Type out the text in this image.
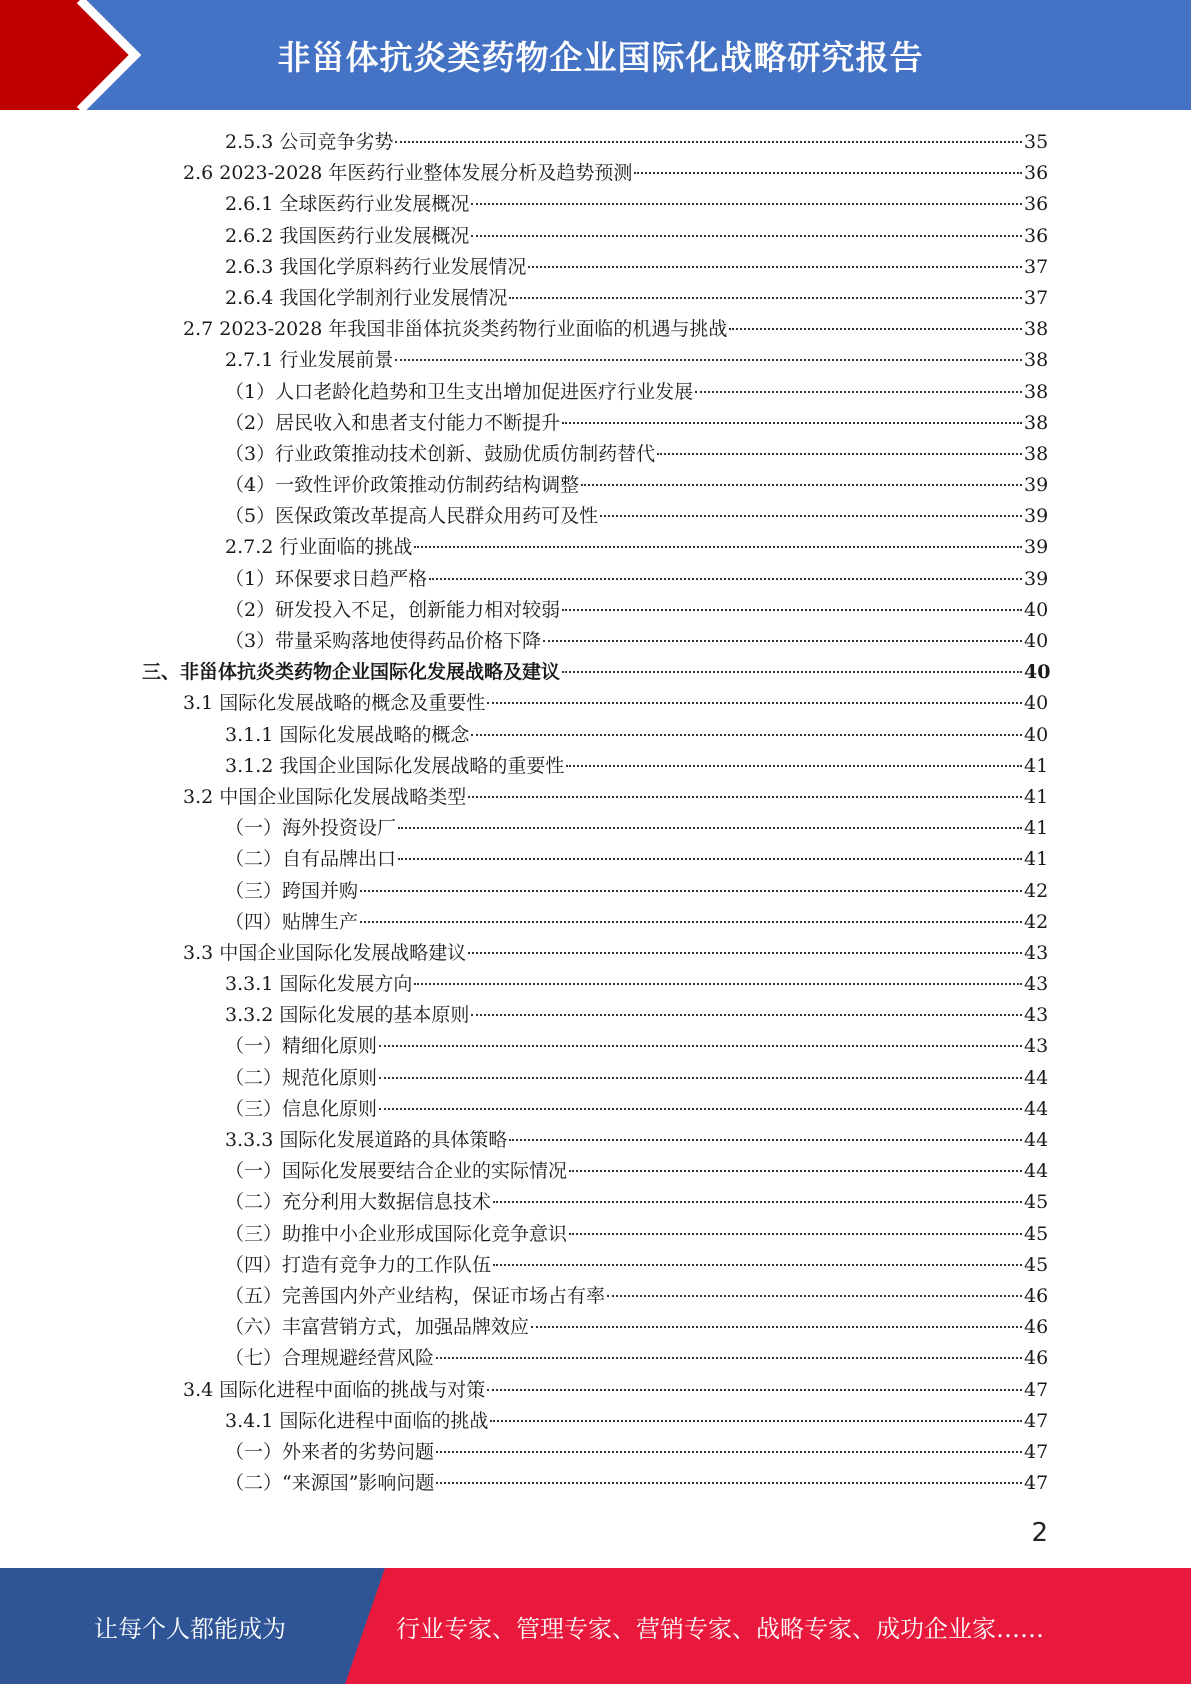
非甾体抗炎类药物企业国际化战略研究报告
2.5.3 公司竞争劣势	35
2.6 2023-2028 年医药行业整体发展分析及趋势预测	36
2.6.1 全球医药行业发展概况	36
2.6.2 我国医药行业发展概况	36
2.6.3 我国化学原料药行业发展情况	37
2.6.4 我国化学制剂行业发展情况	37
2.7 2023-2028 年我国非甾体抗炎类药物行业面临的机遇与挑战	38
2.7.1 行业发展前景	38
（1）人口老龄化趋势和卫生支出增加促进医疗行业发展	38
（2）居民收入和患者支付能力不断提升	38
（3）行业政策推动技术创新、鼓励优质仿制药替代	38
（4）一致性评价政策推动仿制药结构调整	39
（5）医保政策改革提高人民群众用药可及性	39
2.7.2 行业面临的挑战	39
（1）环保要求日趋严格	39
（2）研发投入不足，创新能力相对较弱	40
（3）带量采购落地使得药品价格下降	40
三、非甾体抗炎类药物企业国际化发展战略及建议	40
3.1 国际化发展战略的概念及重要性	40
3.1.1 国际化发展战略的概念	40
3.1.2 我国企业国际化发展战略的重要性	41
3.2 中国企业国际化发展战略类型	41
（一）海外投资设厂	41
（二）自有品牌出口	41
（三）跨国并购	42
（四）贴牌生产	42
3.3 中国企业国际化发展战略建议	43
3.3.1 国际化发展方向	43
3.3.2 国际化发展的基本原则	43
（一）精细化原则	43
（二）规范化原则	44
（三）信息化原则	44
3.3.3 国际化发展道路的具体策略	44
（一）国际化发展要结合企业的实际情况	44
（二）充分利用大数据信息技术	45
（三）助推中小企业形成国际化竞争意识	45
（四）打造有竞争力的工作队伍	45
（五）完善国内外产业结构，保证市场占有率	46
（六）丰富营销方式，加强品牌效应	46
（七）合理规避经营风险	46
3.4 国际化进程中面临的挑战与对策	47
3.4.1 国际化进程中面临的挑战	47
（一）外来者的劣势问题	47
（二）“来源国”影响问题	47
2
让每个人都能成为	行业专家、管理专家、营销专家、战略专家、成功企业家……
